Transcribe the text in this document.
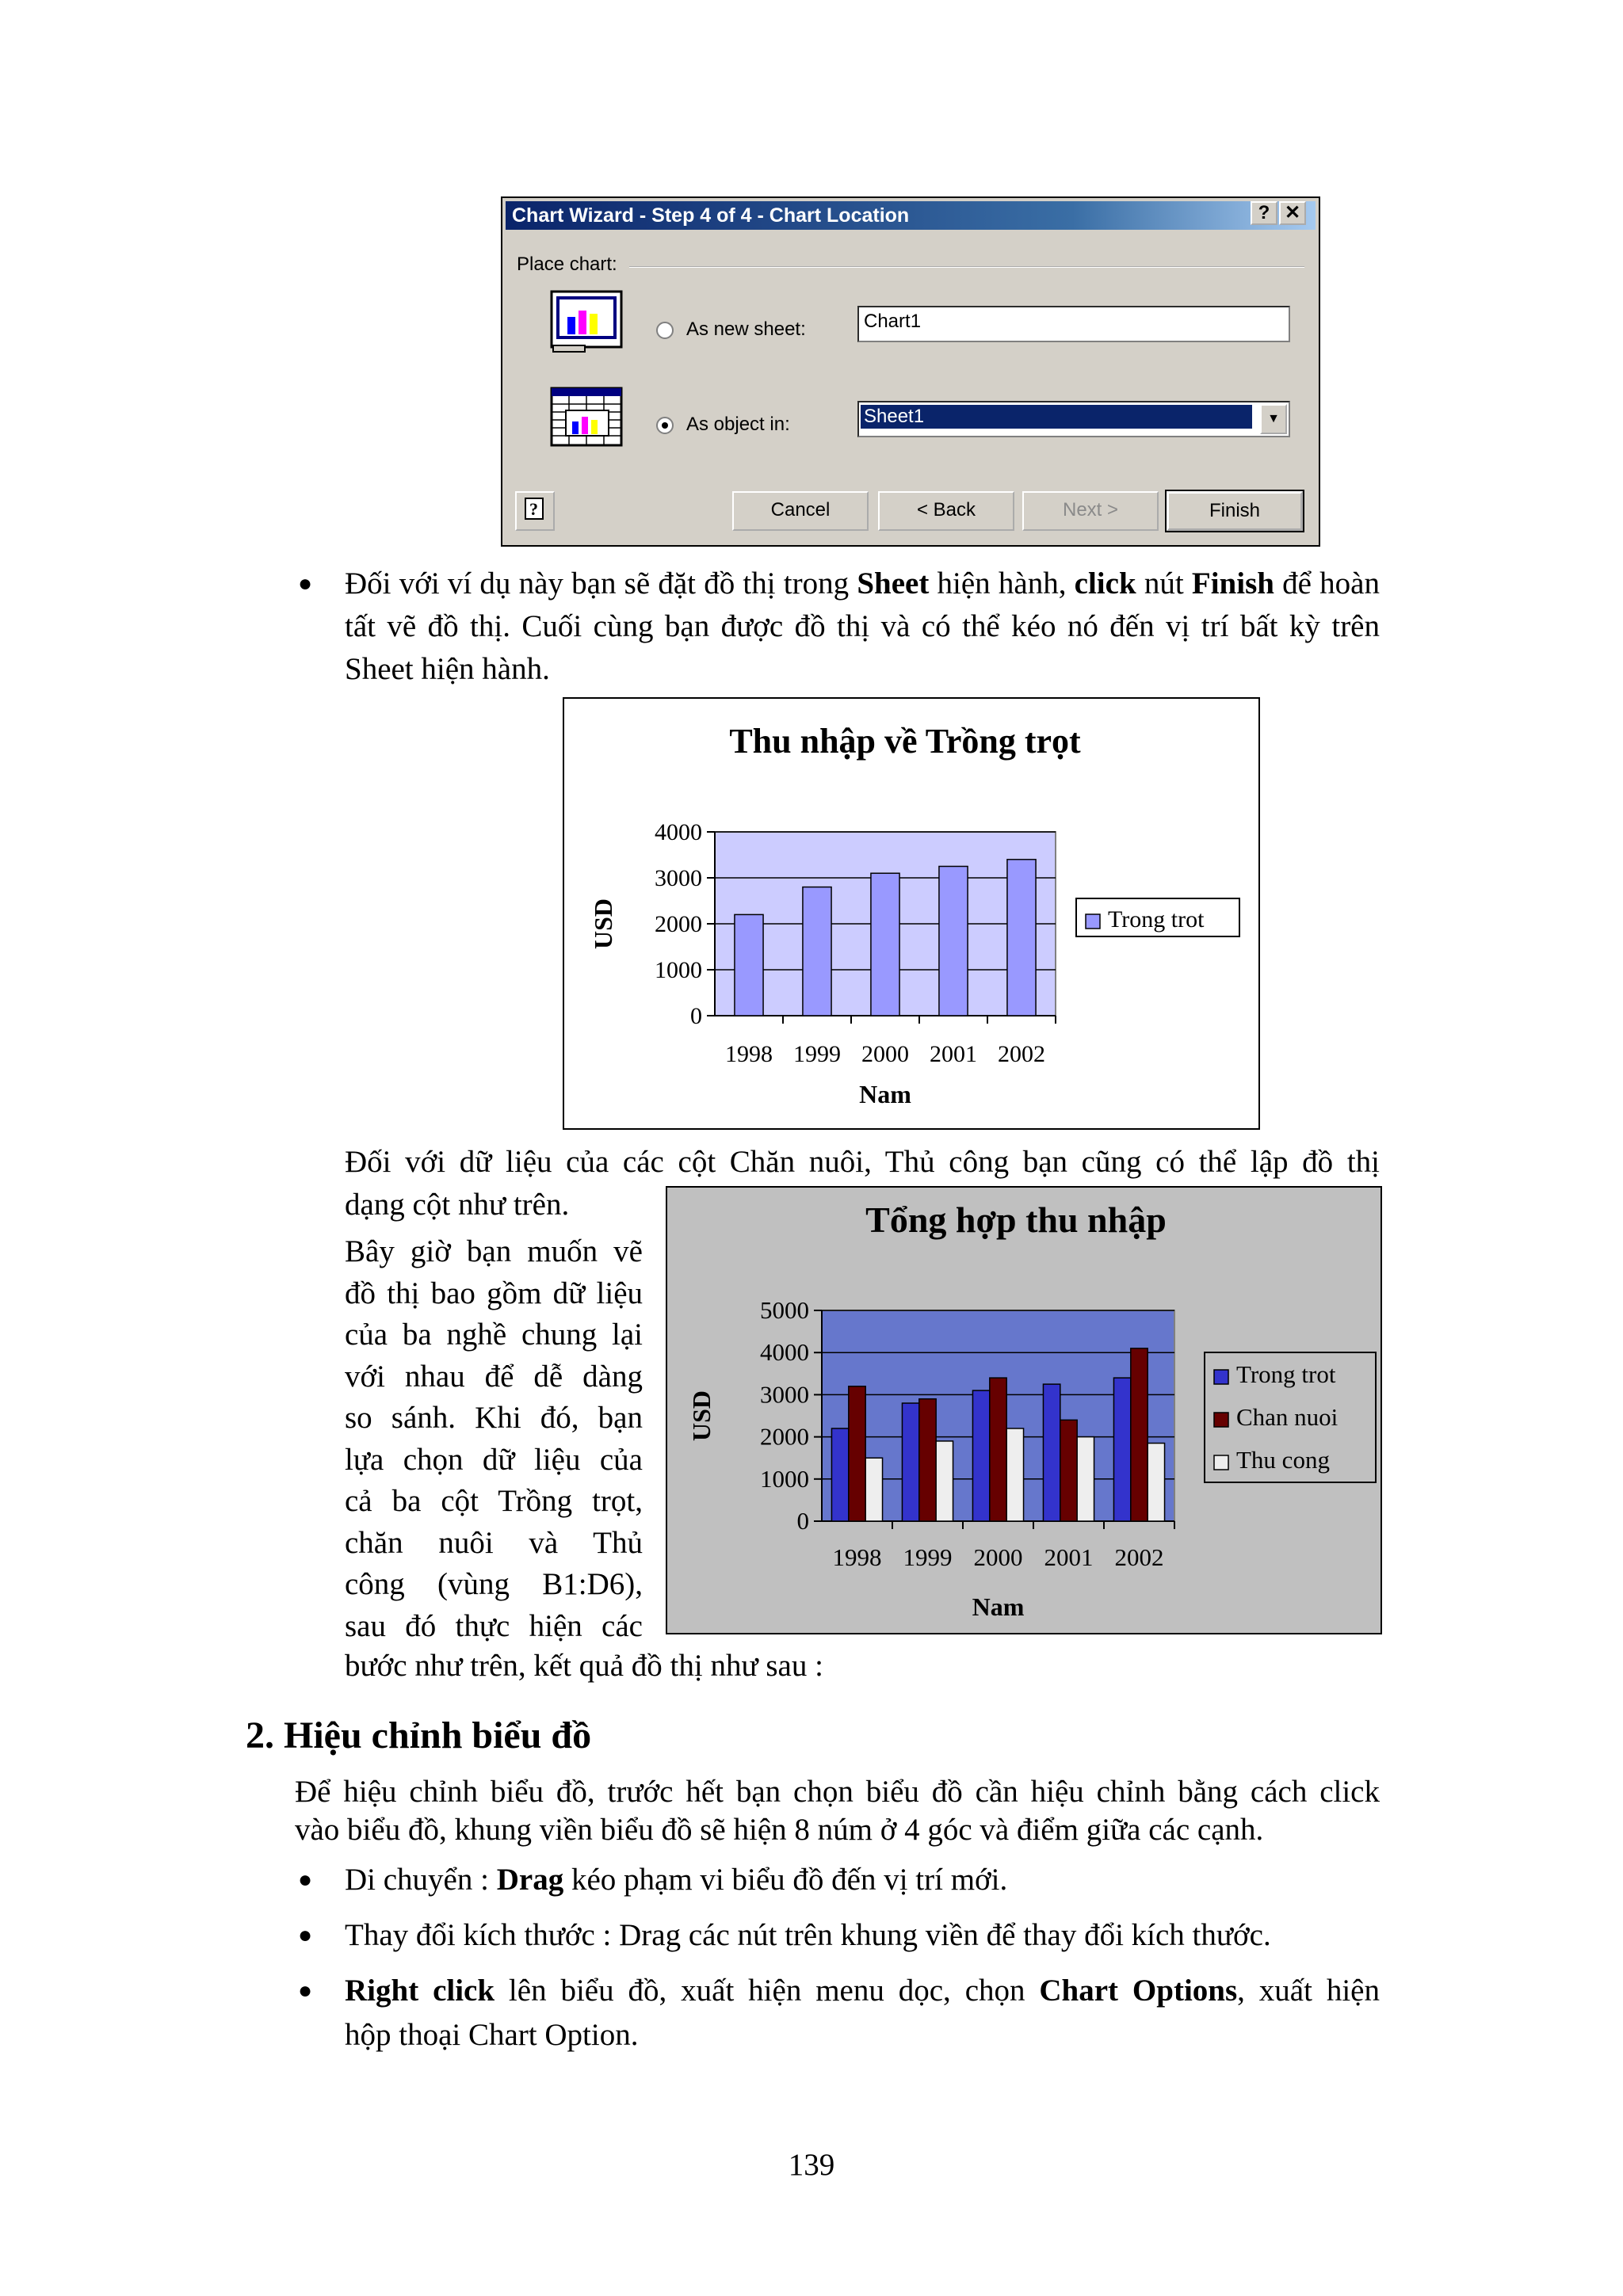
Chart Wizard - Step 4 of 4 - Chart Location	? ✕
Place chart:
As new sheet:	Chart1
As object in:	Sheet1	▼
?	Cancel	< Back	Next >	Finish
● Đối với ví dụ này bạn sẽ đặt đồ thị trong Sheet hiện hành, click nút Finish để hoàn tất vẽ đồ thị. Cuối cùng bạn được đồ thị và có thể kéo nó đến vị trí bất kỳ trên Sheet hiện hành.
Thu nhập về Trồng trọt
0
1000
2000
3000
4000
1998 1999 2000 2001 2002
Nam
USD	Trong trot
Đối với dữ liệu của các cột Chăn nuôi, Thủ công bạn cũng có thể lập đồ thị
dạng cột như trên.
Bây giờ bạn muốn vẽ
đồ thị bao gồm dữ liệu
của ba nghề chung lại
với nhau để dễ dàng
so sánh. Khi đó, bạn
lựa chọn dữ liệu của
cả ba cột Trồng trọt,
chăn nuôi và Thủ
công (vùng B1:D6),
sau đó thực hiện các
bước như trên, kết quả đồ thị như sau :
Tổng hợp thu nhập
0
1000
2000
3000
4000
5000
1998 1999 2000 2001 2002
Nam
USD
Trong trot
Chan nuoi
Thu cong
2. Hiệu chỉnh biểu đồ
Để hiệu chỉnh biểu đồ, trước hết bạn chọn biểu đồ cần hiệu chỉnh bằng cách click
vào biểu đồ, khung viền biểu đồ sẽ hiện 8 núm ở 4 góc và điểm giữa các cạnh.
● Di chuyển : Drag kéo phạm vi biểu đồ đến vị trí mới.
● Thay đổi kích thước : Drag các nút trên khung viền để thay đổi kích thước.
● Right click lên biểu đồ, xuất hiện menu dọc, chọn Chart Options, xuất hiện
hộp thoại Chart Option.
139
